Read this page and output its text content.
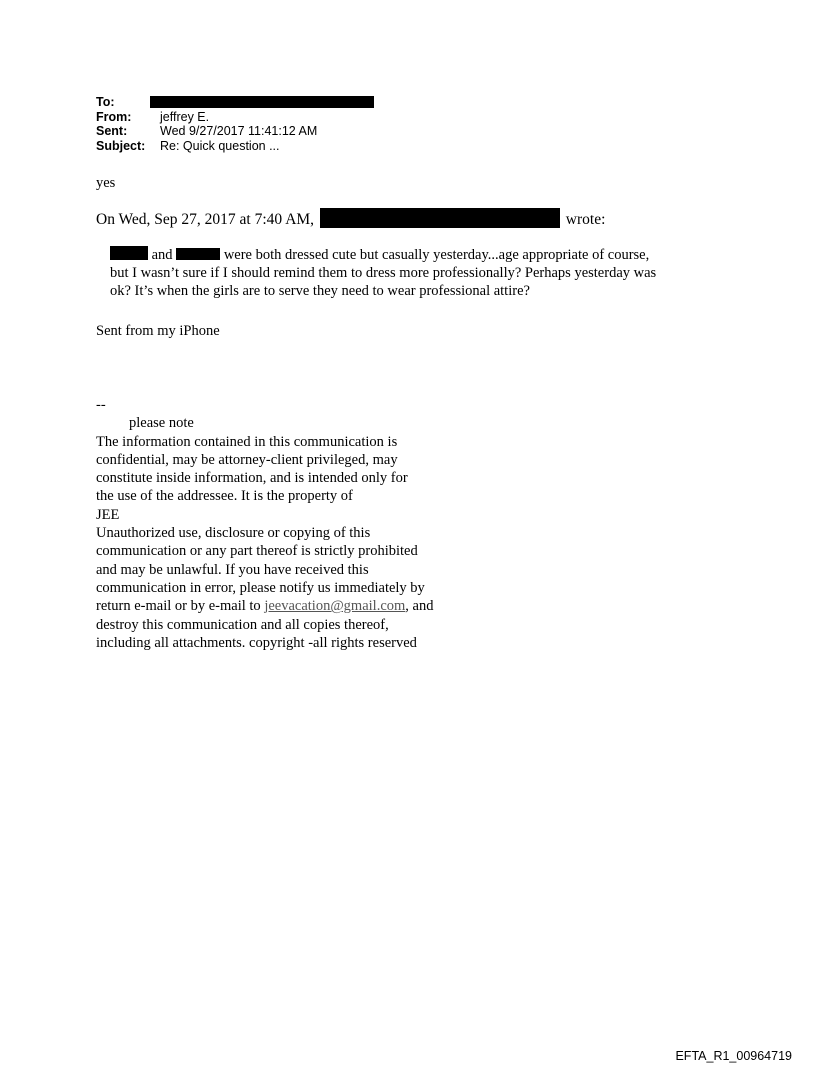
To:
From:	jeffrey E.
Sent:	Wed 9/27/2017 11:41:12 AM
Subject:	Re: Quick question ...
yes
On Wed, Sep 27, 2017 at 7:40 AM,	wrote:
and	were both dressed cute but casually yesterday...age appropriate of course,
but I wasn’t sure if I should remind them to dress more professionally? Perhaps yesterday was
ok? It’s when the girls are to serve they need to wear professional attire?
Sent from my iPhone
--
please note
The information contained in this communication is
confidential, may be attorney-client privileged, may
constitute inside information, and is intended only for
the use of the addressee. It is the property of
JEE
Unauthorized use, disclosure or copying of this
communication or any part thereof is strictly prohibited
and may be unlawful. If you have received this
communication in error, please notify us immediately by
return e-mail or by e-mail to jeevacation@gmail.com, and
destroy this communication and all copies thereof,
including all attachments. copyright -all rights reserved
EFTA_R1_00964719
